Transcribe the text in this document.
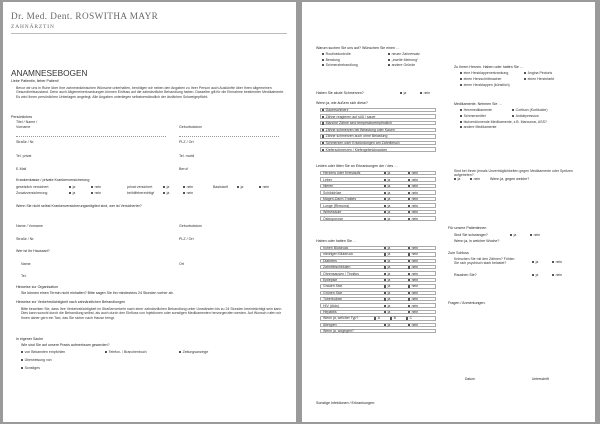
Dr. Med. Dent. ROSWITHA MAYR
ZAHNÄRZTIN
ANAMNESEBOGEN
Liebe Patientin, lieber Patient!
Bevor wir uns in Ruhe über Ihre zahnmedizinischen Wünsche unterhalten, benötigen wir neben den Angaben zu Ihrer Person auch Auskünfte über Ihren allgemeinen Gesundheitszustand. Denn auch Allgemeinerkrankungen können Einfluss auf die zahnärztliche Behandlung haben. Dasselbe gilt für die Einnahme bestimmter Medikamente. Es wird Ihnen persönlichen Unterlagen angelegt. Alle Angaben unterliegen selbstverständlich der ärztlichen Schweigepflicht.
Persönliches
Titel / Name /
Vorname	Geburtsdatum
Straße / Nr.	PLZ / Ort
Tel. privat	Tel. mobil
E-Mail	Beruf
Krankenkasse / private Krankenversicherung
gesetzlich versichert	ja	nein	privat versichert	ja	nein	Basistarif	ja	nein
Zusatzversicherung	ja	nein	beihilfeberechtigt	ja	nein
Wenn Sie nicht selbst Krankenversicherungsmitglied sind, wer ist Versicherter?
Name / Vorname	Geburtsdatum
Straße / Nr.	PLZ / Ort
Wer ist Ihr Hausarzt?
Name	Ort
Tel.
Hinweise zur Organisation
Sie können einen Termin nicht einhalten? Bitte sagen Sie ihn mindestens 24 Stunden vorher ab.
Hinweise zur Verkehrstüchtigkeit nach zahnärztlichen Behandlungen
Bitte beachten Sie, dass Ihre Verkehrstüchtigkeit im Straßenverkehr nach einer zahnärztlichen Behandlung unter Umständen bis zu 24 Stunden beeinträchtigt sein kann. Dies kann sowohl durch die Behandlung selbst, als auch durch den Einfluss von Injektionen oder sonstigen Medikamenten hervorgerufen werden. Auf Wunsch rufen wir Ihnen daher gern ein Taxi, das Sie sicher nach Hause bringt.
In eigener Sache
Wie sind Sie auf unsere Praxis aufmerksam geworden?
von Bekannten empfohlen	Telefon- / Branchenbuch	Zeitungsanzeige
Überweisung von
Sonstiges
Warum suchen Sie uns auf? Wünschen Sie einen …
Haben Sie akute Schmerzen?	ja	nein
Wenn ja, wie äußern sich diese?
Leiden oder litten Sie an Erkrankungen der / des …
Haben oder hatten Sie …
Sonstige Infektionen / Erkrankungen:
Zu Ihrem Herzen. Haben oder hatten Sie …
Medikamente. Nehmen Sie …
Sind bei Ihnen jemals Unverträglichkeiten gegen Medikamente oder Spritzen aufgetreten?
ja	nein	Wenn ja, gegen welche?
Für unsere Patientinnen
Sind Sie schwanger?	ja	nein
Wenn ja, in welcher Woche?
Zum Schluss
Knirschen Sie mit den Zähnen? Fühlen Sie sich psychisch stark belastet?	ja	nein
Rauchen Sie?	ja	nein
Fragen / Anmerkungen:
Datum	Unterschrift
Routinekontrolle	neuen Zahnersatz
Beratung	„zweite Meinung“
Schmerzbehandlung	andere Gründe
Dauerschmerz
Zähne reagieren auf süß / sauer
Manche Zähne sind temperaturempfindlich
Zähne schmerzen bei Belastung oder Kauen
Zähne schmerzen auch ohne Belastung
Schmerzen oder Entzündungen am Zahnfleisch
Kieferschmerzen / Kiefergelenkknacken
Herzens oder Kreislaufs	ja	nein
Leber	ja	nein
Nieren	ja	nein
Schilddrüse	ja	nein
Magen-Darm-Traktes	ja	nein
Lunge (Rheuma)	ja	nein
Wirbelsäule	ja	nein
Osteoporose	ja	nein
hohen Blutdruck	ja	nein
niedrigen Blutdruck	ja	nein
Diabetes	ja	nein
Zahnfleischbluten	ja	nein
Ohrensausen / Tinnitus	ja	nein
Epilepsie	ja	nein
Grauen Star	ja	nein
Grünen Star	ja	nein
Tuberkulose	ja	nein
HIV (Aids)	ja	nein
Hepatitis	ja	nein
Wenn ja, welcher Typ?	A	B	C
Allergien	ja	nein
Wenn ja, wogegen?
eine Herzklappenerkrankung	Angina Pectoris
einen Herzschrittmacher	einen Herzinfarkt
einen Herzklappen (künstlich)
Herzmedikamente	Cortison (Kortikoide)
Schmerzmittel	Antidepressiva
blutverdünnende Medikamente, z.B. Marcumar, ASS?
andere Medikamente
